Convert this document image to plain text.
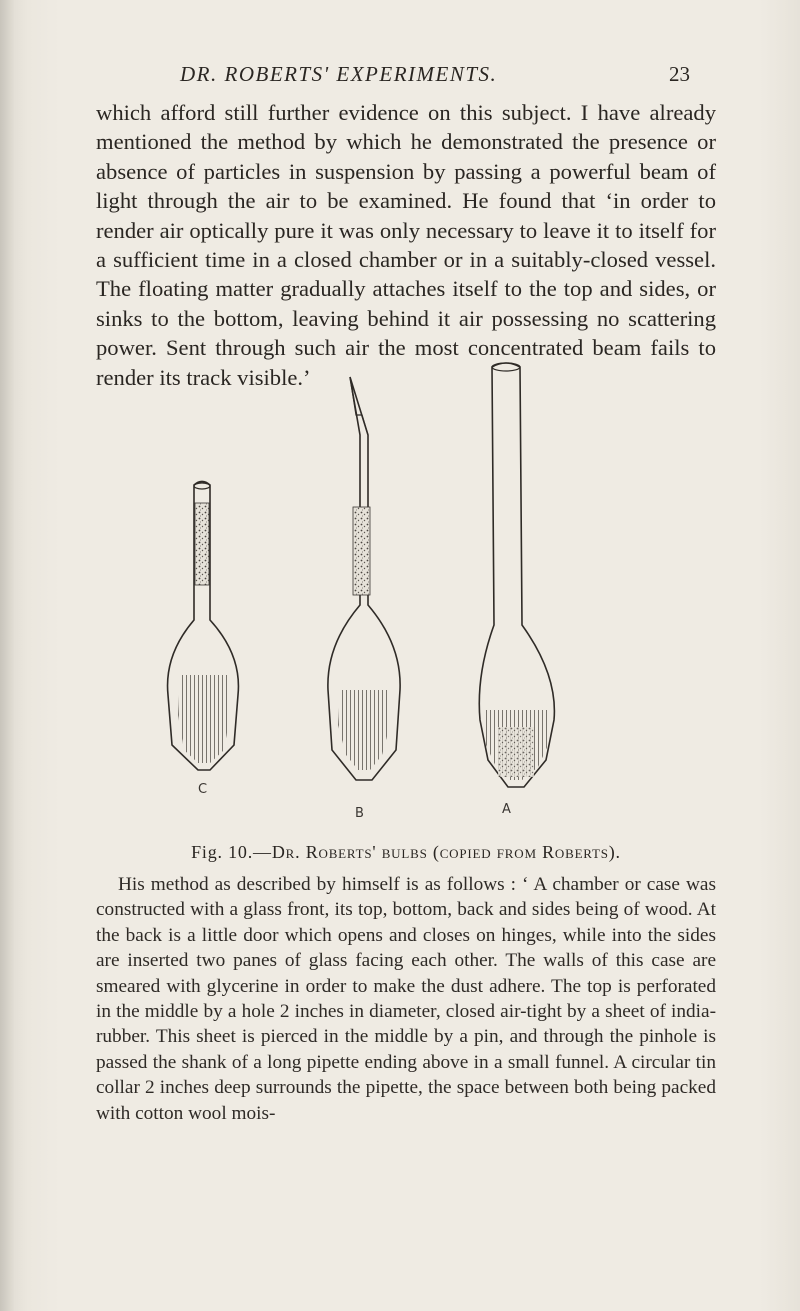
DR. ROBERTS' EXPERIMENTS.	23

which afford still further evidence on this subject. I have already mentioned the method by which he demonstrated the presence or absence of particles in suspension by passing a powerful beam of light through the air to be examined. He found that ‘in order to render air optically pure it was only necessary to leave it to itself for a sufficient time in a closed chamber or in a suitably-closed vessel. The floating matter gradually attaches itself to the top and sides, or sinks to the bottom, leaving behind it air possessing no scattering power. Sent through such air the most concentrated beam fails to render its track visible.’

C
B	A
Fig. 10.—Dr. Roberts' bulbs (copied from Roberts).

His method as described by himself is as follows : ‘ A chamber or case was constructed with a glass front, its top, bottom, back and sides being of wood. At the back is a little door which opens and closes on hinges, while into the sides are inserted two panes of glass facing each other. The walls of this case are smeared with glycerine in order to make the dust adhere. The top is perforated in the middle by a hole 2 inches in diameter, closed air-tight by a sheet of india-rubber. This sheet is pierced in the middle by a pin, and through the pinhole is passed the shank of a long pipette ending above in a small funnel. A circular tin collar 2 inches deep surrounds the pipette, the space between both being packed with cotton wool mois-
